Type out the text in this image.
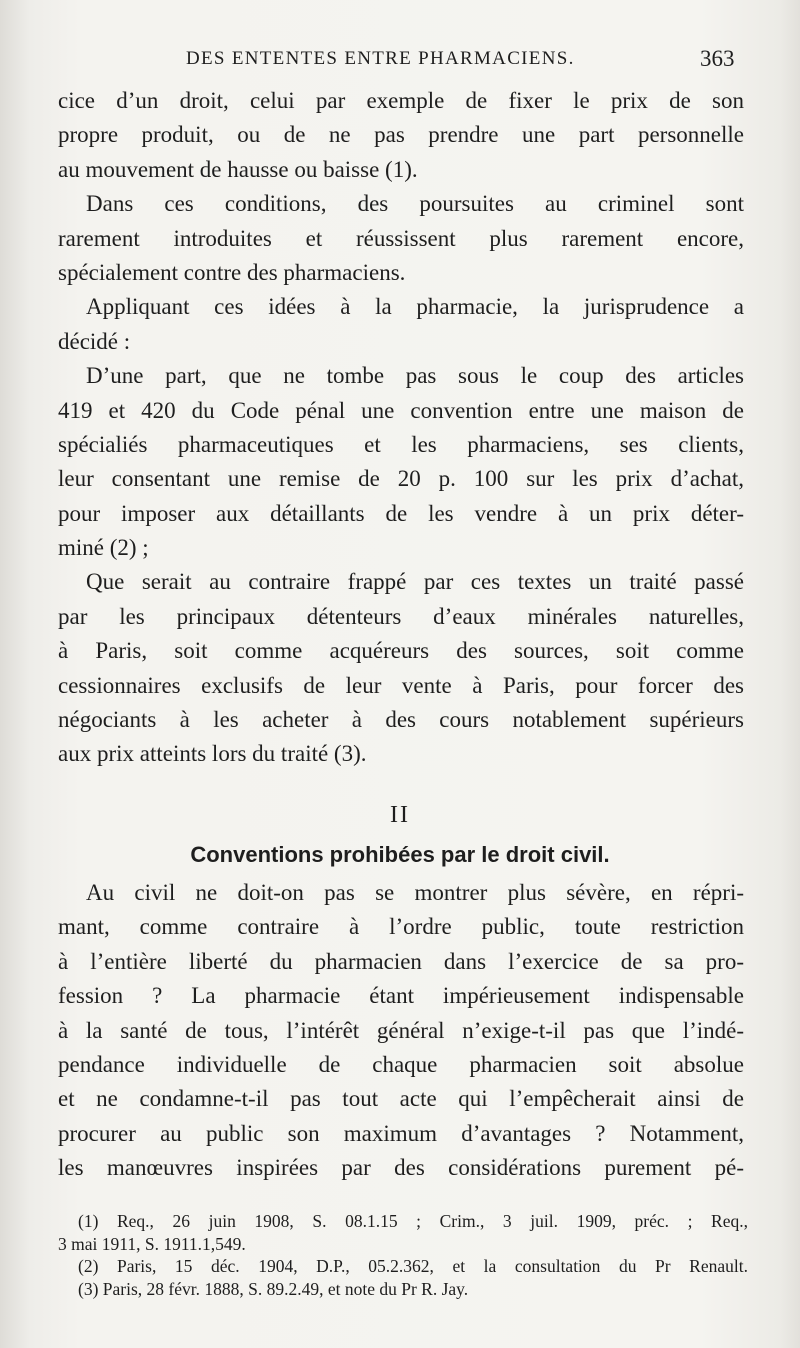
DES ENTENTES ENTRE PHARMACIENS.	363
cice d’un droit, celui par exemple de fixer le prix de son
propre produit, ou de ne pas prendre une part personnelle
au mouvement de hausse ou baisse (1).
Dans ces conditions, des poursuites au criminel sont
rarement introduites et réussissent plus rarement encore,
spécialement contre des pharmaciens.
Appliquant ces idées à la pharmacie, la jurisprudence a
décidé :
D’une part, que ne tombe pas sous le coup des articles
419 et 420 du Code pénal une convention entre une maison de
spécialiés pharmaceutiques et les pharmaciens, ses clients,
leur consentant une remise de 20 p. 100 sur les prix d’achat,
pour imposer aux détaillants de les vendre à un prix déter-
miné (2) ;
Que serait au contraire frappé par ces textes un traité passé
par les principaux détenteurs d’eaux minérales naturelles,
à Paris, soit comme acquéreurs des sources, soit comme
cessionnaires exclusifs de leur vente à Paris, pour forcer des
négociants à les acheter à des cours notablement supérieurs
aux prix atteints lors du traité (3).
II
Conventions prohibées par le droit civil.
Au civil ne doit-on pas se montrer plus sévère, en répri-
mant, comme contraire à l’ordre public, toute restriction
à l’entière liberté du pharmacien dans l’exercice de sa pro-
fession ? La pharmacie étant impérieusement indispensable
à la santé de tous, l’intérêt général n’exige-t-il pas que l’indé-
pendance individuelle de chaque pharmacien soit absolue
et ne condamne-t-il pas tout acte qui l’empêcherait ainsi de
procurer au public son maximum d’avantages ? Notamment,
les manœuvres inspirées par des considérations purement pé-
(1) Req., 26 juin 1908, S. 08.1.15 ; Crim., 3 juil. 1909, préc. ; Req.,
3 mai 1911, S. 1911.1,549.
(2) Paris, 15 déc. 1904, D.P., 05.2.362, et la consultation du Pr Renault.
(3) Paris, 28 févr. 1888, S. 89.2.49, et note du Pr R. Jay.
